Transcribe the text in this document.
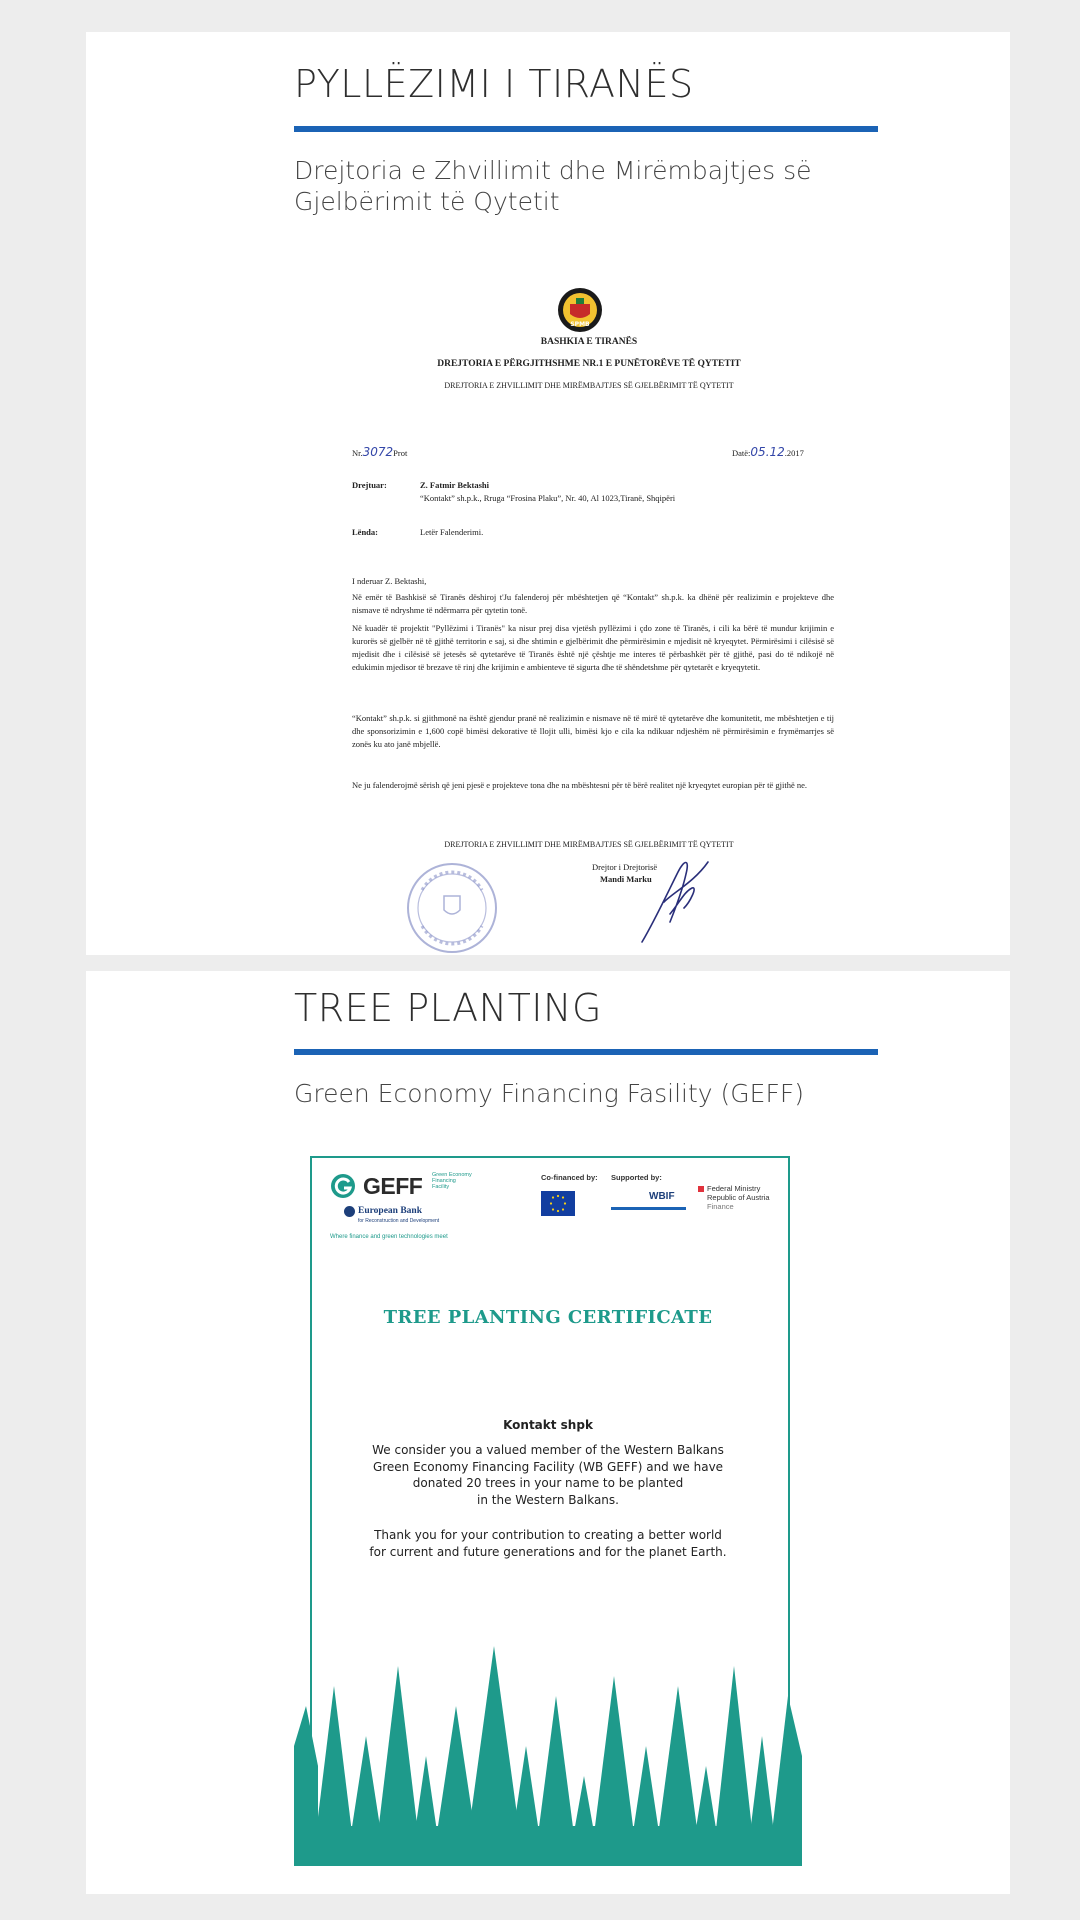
PYLLËZIMI I TIRANËS
Drejtoria e Zhvillimit dhe Mirëmbajtjes së Gjelbërimit të Qytetit
SPMB
BASHKIA E TIRANËS
DREJTORIA E PËRGJITHSHME NR.1 E PUNËTORËVE TË QYTETIT
DREJTORIA E ZHVILLIMIT DHE MIRËMBAJTJES SË GJELBËRIMIT TË QYTETIT
Nr.3072Prot	Datë:05.12.2017
Drejtuar:	Z. Fatmir Bektashi
“Kontakt” sh.p.k., Rruga “Frosina Plaku”, Nr. 40, Al 1023,Tiranë, Shqipëri
Lënda:	Letër Falenderimi.
I nderuar Z. Bektashi,
Në emër të Bashkisë së Tiranës dëshiroj t'Ju falenderoj për mbështetjen që “Kontakt” sh.p.k. ka dhënë për realizimin e projekteve dhe nismave të ndryshme të ndërmarra për qytetin tonë.
Në kuadër të projektit "Pyllëzimi i Tiranës" ka nisur prej disa vjetësh pyllëzimi i çdo zone të Tiranës, i cili ka bërë të mundur krijimin e kurorës së gjelbër në të gjithë territorin e saj, si dhe shtimin e gjelbërimit dhe përmirësimin e mjedisit në kryeqytet. Përmirësimi i cilësisë së mjedisit dhe i cilësisë së jetesës së qytetarëve të Tiranës është një çështje me interes të përbashkët për të gjithë, pasi do të ndikojë në edukimin mjedisor të brezave të rinj dhe krijimin e ambienteve të sigurta dhe të shëndetshme për qytetarët e kryeqytetit.
“Kontakt” sh.p.k. si gjithmonë na është gjendur pranë në realizimin e nismave në të mirë të qytetarëve dhe komunitetit, me mbështetjen e tij dhe sponsorizimin e 1,600 copë bimësi dekorative të llojit ulli, bimësi kjo e cila ka ndikuar ndjeshëm në përmirësimin e frymëmarrjes së zonës ku ato janë mbjellë.
Ne ju falenderojmë sërish që jeni pjesë e projekteve tona dhe na mbështesni për të bërë realitet një kryeqytet europian për të gjithë ne.
DREJTORIA E ZHVILLIMIT DHE MIRËMBAJTJES SË GJELBËRIMIT TË QYTETIT
Drejtor i Drejtorisë
Mandi Marku
TREE PLANTING
Green Economy Financing Fasility (GEFF)
GEFF Green Economy Financing Facility
European Bank
for Reconstruction and Development
Where finance and green technologies meet
Co-financed by: Supported by:
WBIF
Federal Ministry
Republic of Austria
Finance
TREE PLANTING CERTIFICATE
Kontakt shpk
We consider you a valued member of the Western Balkans
Green Economy Financing Facility (WB GEFF) and we have
donated 20 trees in your name to be planted
in the Western Balkans.
Thank you for your contribution to creating a better world
for current and future generations and for the planet Earth.
